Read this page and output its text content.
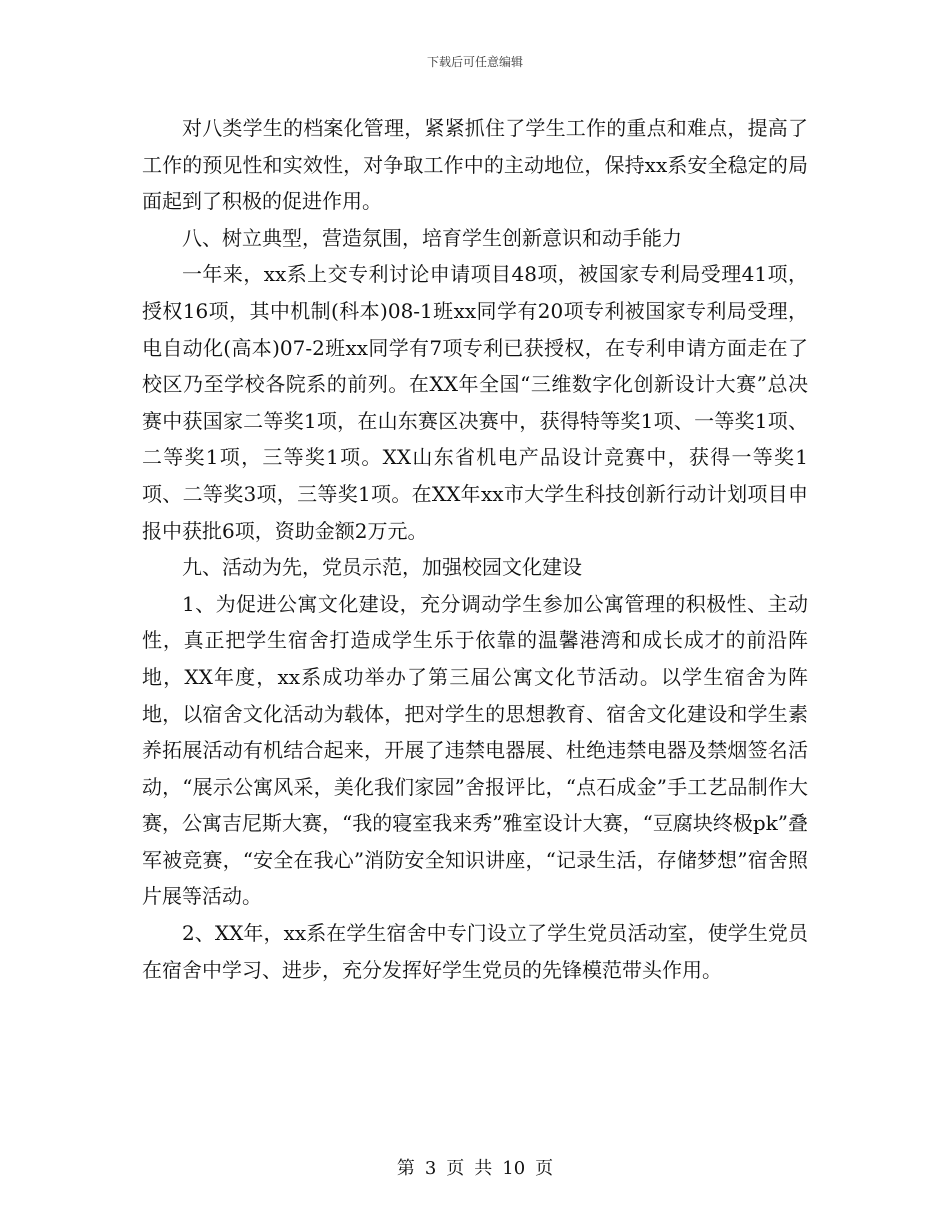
下载后可任意编辑

对八类学生的档案化管理，紧紧抓住了学生工作的重点和难点，提高了工作的预见性和实效性，对争取工作中的主动地位，保持xx系安全稳定的局面起到了积极的促进作用。

八、树立典型，营造氛围，培育学生创新意识和动手能力

一年来，xx系上交专利讨论申请项目48项，被国家专利局受理41项，授权16项，其中机制(科本)08-1班xx同学有20项专利被国家专利局受理，电自动化(高本)07-2班xx同学有7项专利已获授权，在专利申请方面走在了校区乃至学校各院系的前列。在XX年全国“三维数字化创新设计大赛”总决赛中获国家二等奖1项，在山东赛区决赛中，获得特等奖1项、一等奖1项、二等奖1项，三等奖1项。XX山东省机电产品设计竞赛中，获得一等奖1项、二等奖3项，三等奖1项。在XX年xx市大学生科技创新行动计划项目申报中获批6项，资助金额2万元。

九、活动为先，党员示范，加强校园文化建设

1、为促进公寓文化建设，充分调动学生参加公寓管理的积极性、主动性，真正把学生宿舍打造成学生乐于依靠的温馨港湾和成长成才的前沿阵地，XX年度，xx系成功举办了第三届公寓文化节活动。以学生宿舍为阵地，以宿舍文化活动为载体，把对学生的思想教育、宿舍文化建设和学生素养拓展活动有机结合起来，开展了违禁电器展、杜绝违禁电器及禁烟签名活动，“展示公寓风采，美化我们家园”舍报评比，“点石成金”手工艺品制作大赛，公寓吉尼斯大赛，“我的寝室我来秀”雅室设计大赛，“豆腐块终极pk”叠军被竞赛，“安全在我心”消防安全知识讲座，“记录生活，存储梦想”宿舍照片展等活动。

2、XX年，xx系在学生宿舍中专门设立了学生党员活动室，使学生党员在宿舍中学习、进步，充分发挥好学生党员的先锋模范带头作用。

第 3 页 共 10 页
